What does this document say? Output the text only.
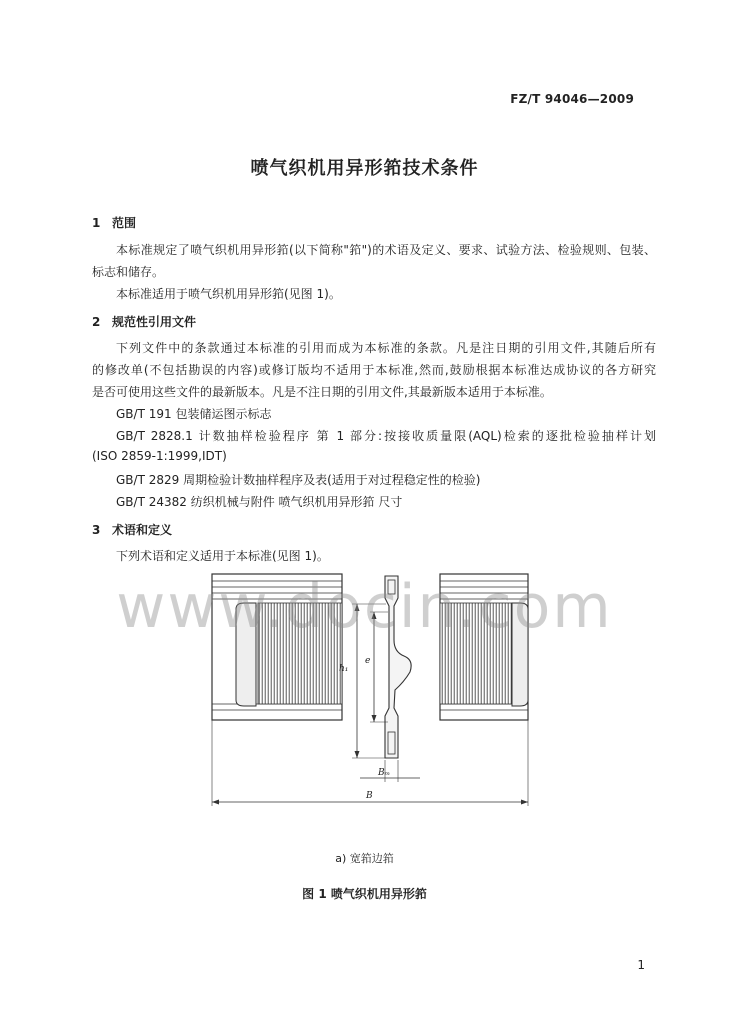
FZ/T 94046—2009
喷气织机用异形筘技术条件
1 范围
本标准规定了喷气织机用异形筘(以下简称"筘")的术语及定义、要求、试验方法、检验规则、包装、
标志和储存。
本标准适用于喷气织机用异形筘(见图 1)。
2 规范性引用文件
下列文件中的条款通过本标准的引用而成为本标准的条款。凡是注日期的引用文件,其随后所有
的修改单(不包括勘误的内容)或修订版均不适用于本标准,然而,鼓励根据本标准达成协议的各方研究
是否可使用这些文件的最新版本。凡是不注日期的引用文件,其最新版本适用于本标准。
GB/T 191 包装储运图示标志
GB/T 2828.1 计数抽样检验程序 第 1 部分:按接收质量限(AQL)检索的逐批检验抽样计划
(ISO 2859-1:1999,IDT)
GB/T 2829 周期检验计数抽样程序及表(适用于对过程稳定性的检验)
GB/T 24382 纺织机械与附件 喷气织机用异形筘 尺寸
3 术语和定义
下列术语和定义适用于本标准(见图 1)。
h₁
e
Bₘ
B
www.docin.com
a) 宽筘边筘
图 1 喷气织机用异形筘
1
